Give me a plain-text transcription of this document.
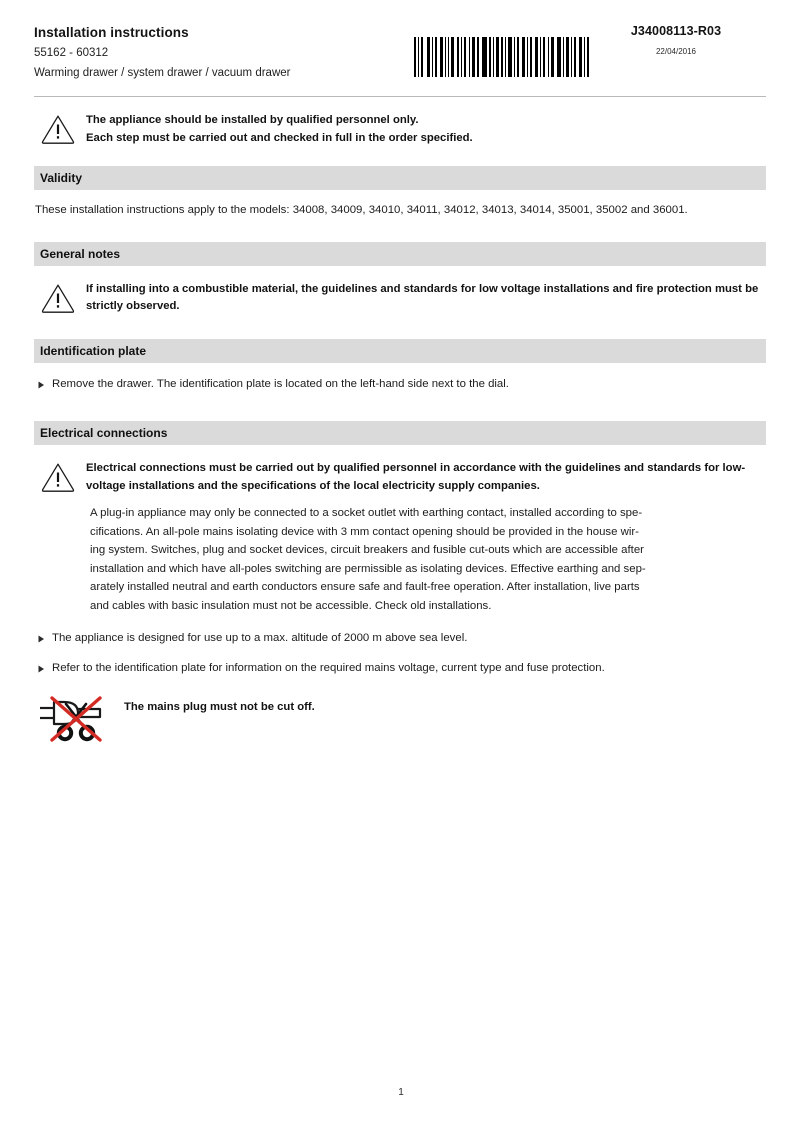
Installation instructions
55162 - 60312
Warming drawer / system drawer / vacuum drawer
J34008113-R03
22/04/2016
The appliance should be installed by qualified personnel only.
Each step must be carried out and checked in full in the order specified.
Validity
These installation instructions apply to the models: 34008, 34009, 34010, 34011, 34012, 34013, 34014, 35001, 35002 and 36001.
General notes
If installing into a combustible material, the guidelines and standards for low voltage installations and fire protection must be strictly observed.
Identification plate
Remove the drawer. The identification plate is located on the left-hand side next to the dial.
Electrical connections
Electrical connections must be carried out by qualified personnel in accordance with the guidelines and standards for low-voltage installations and the specifications of the local electricity supply companies.
A plug-in appliance may only be connected to a socket outlet with earthing contact, installed according to spe-
cifications. An all-pole mains isolating device with 3 mm contact opening should be provided in the house wir-
ing system. Switches, plug and socket devices, circuit breakers and fusible cut-outs which are accessible after
installation and which have all-poles switching are permissible as isolating devices. Effective earthing and sep-
arately installed neutral and earth conductors ensure safe and fault-free operation. After installation, live parts
and cables with basic insulation must not be accessible. Check old installations.
The appliance is designed for use up to a max. altitude of 2000 m above sea level.
Refer to the identification plate for information on the required mains voltage, current type and fuse protection.
The mains plug must not be cut off.
1
